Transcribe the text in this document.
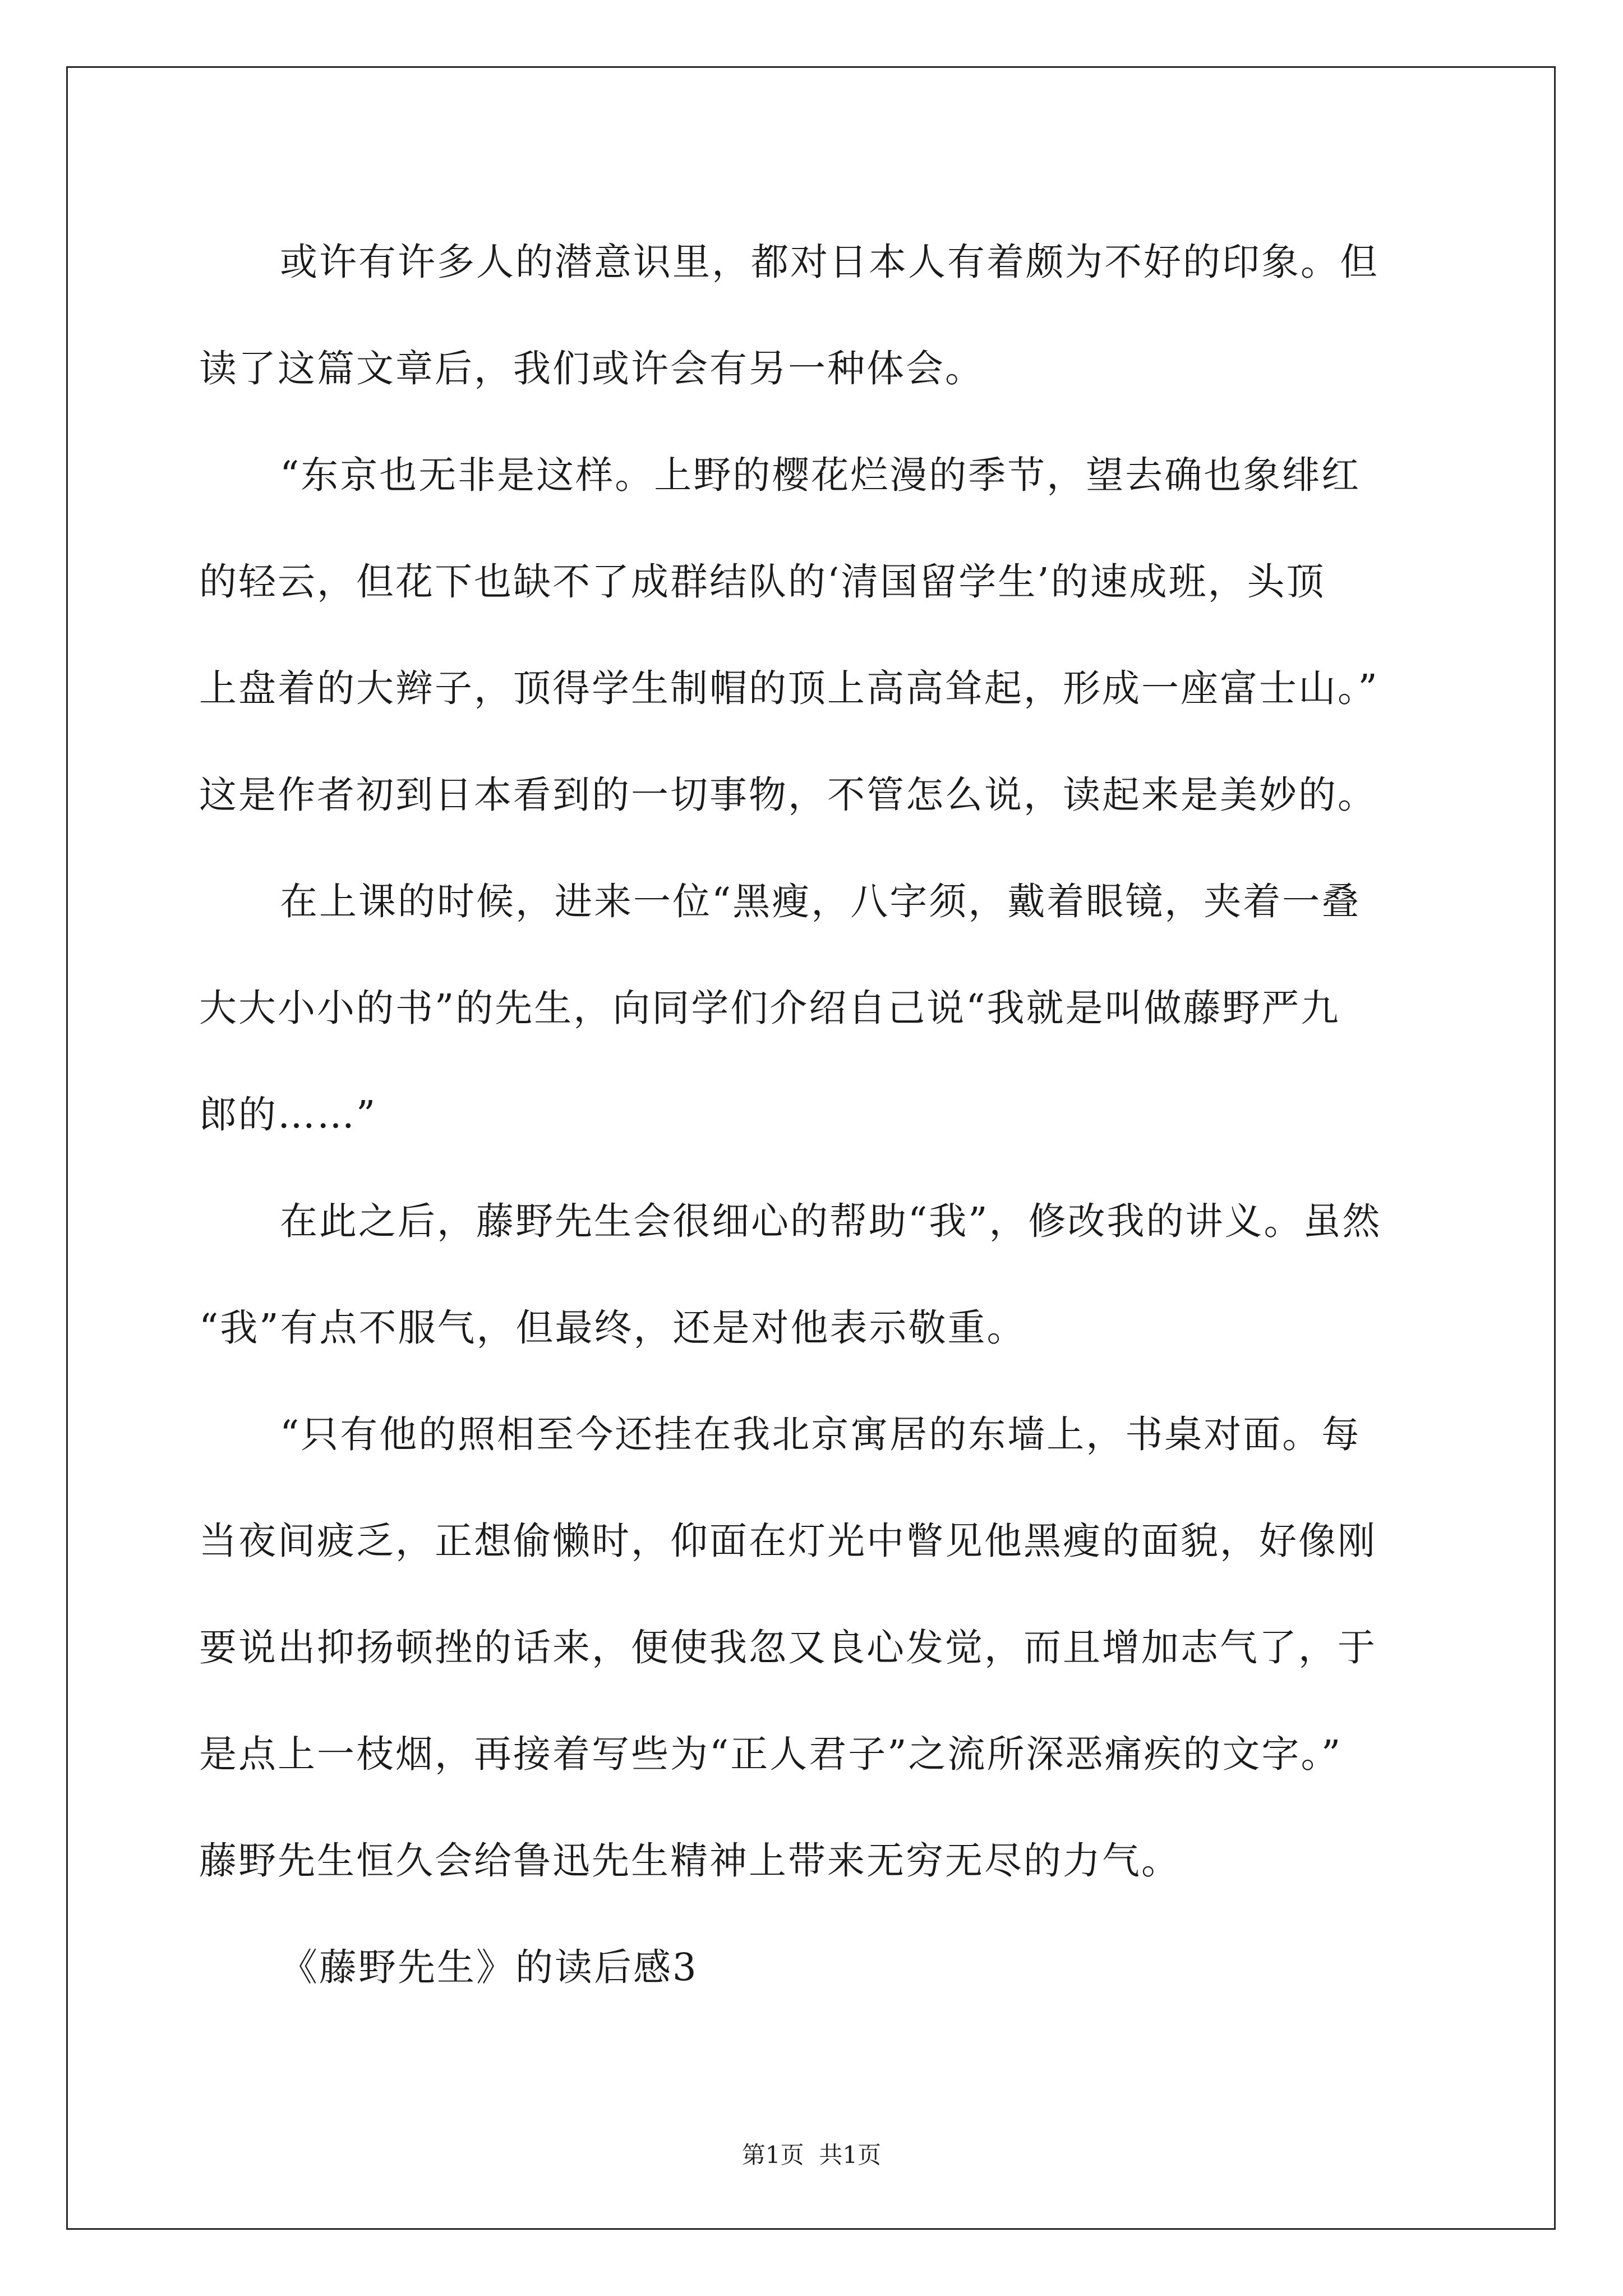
或许有许多人的潜意识里，都对日本人有着颇为不好的印象。但
读了这篇文章后，我们或许会有另一种体会。
“东京也无非是这样。上野的樱花烂漫的季节，望去确也象绯红
的轻云，但花下也缺不了成群结队的‘清国留学生’的速成班，头顶
上盘着的大辫子，顶得学生制帽的顶上高高耸起，形成一座富士山。”
这是作者初到日本看到的一切事物，不管怎么说，读起来是美妙的。
在上课的时候，进来一位“黑瘦，八字须，戴着眼镜，夹着一叠
大大小小的书”的先生，向同学们介绍自己说“我就是叫做藤野严九
郎的……”
在此之后，藤野先生会很细心的帮助“我”，修改我的讲义。虽然
“我”有点不服气，但最终，还是对他表示敬重。
“只有他的照相至今还挂在我北京寓居的东墙上，书桌对面。每
当夜间疲乏，正想偷懒时，仰面在灯光中瞥见他黑瘦的面貌，好像刚
要说出抑扬顿挫的话来，便使我忽又良心发觉，而且增加志气了，于
是点上一枝烟，再接着写些为“正人君子”之流所深恶痛疾的文字。”
藤野先生恒久会给鲁迅先生精神上带来无穷无尽的力气。
《藤野先生》的读后感3
第1页  共1页
